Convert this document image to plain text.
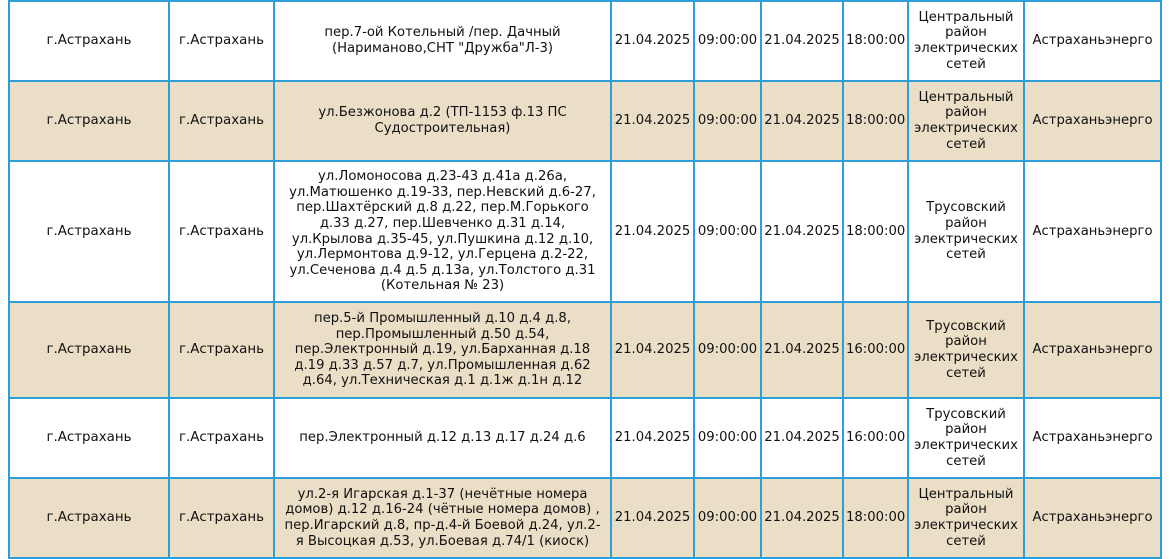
г.Астрахань	г.Астрахань	пер.7-ой Котельный /пер. Дачный (Нариманово,СНТ "Дружба"Л-3)	21.04.2025	09:00:00	21.04.2025	18:00:00	Центральный район электрических сетей	Астраханьэнерго
г.Астрахань	г.Астрахань	ул.Безжонова д.2 (ТП-1153 ф.13 ПС Судостроительная)	21.04.2025	09:00:00	21.04.2025	18:00:00	Центральный район электрических сетей	Астраханьэнерго
г.Астрахань	г.Астрахань	ул.Ломоносова д.23-43 д.41а д.26а, ул.Матюшенко д.19-33, пер.Невский д.6-27, пер.Шахтёрский д.8 д.22, пер.М.Горького д.33 д.27, пер.Шевченко д.31 д.14, ул.Крылова д.35-45, ул.Пушкина д.12 д.10, ул.Лермонтова д.9-12, ул.Герцена д.2-22, ул.Сеченова д.4 д.5 д.13а, ул.Толстого д.31 (Котельная № 23)	21.04.2025	09:00:00	21.04.2025	18:00:00	Трусовский район электрических сетей	Астраханьэнерго
г.Астрахань	г.Астрахань	пер.5-й Промышленный д.10 д.4 д.8, пер.Промышленный д.50 д.54, пер.Электронный д.19, ул.Барханная д.18 д.19 д.33 д.57 д.7, ул.Промышленная д.62 д.64, ул.Техническая д.1 д.1ж д.1н д.12	21.04.2025	09:00:00	21.04.2025	16:00:00	Трусовский район электрических сетей	Астраханьэнерго
г.Астрахань	г.Астрахань	пер.Электронный д.12 д.13 д.17 д.24 д.6	21.04.2025	09:00:00	21.04.2025	16:00:00	Трусовский район электрических сетей	Астраханьэнерго
г.Астрахань	г.Астрахань	ул.2-я Игарская д.1-37 (нечётные номера домов) д.12 д.16-24 (чётные номера домов) , пер.Игарский д.8, пр-д.4-й Боевой д.24, ул.2-я Высоцкая д.53, ул.Боевая д.74/1 (киоск)	21.04.2025	09:00:00	21.04.2025	18:00:00	Центральный район электрических сетей	Астраханьэнерго
